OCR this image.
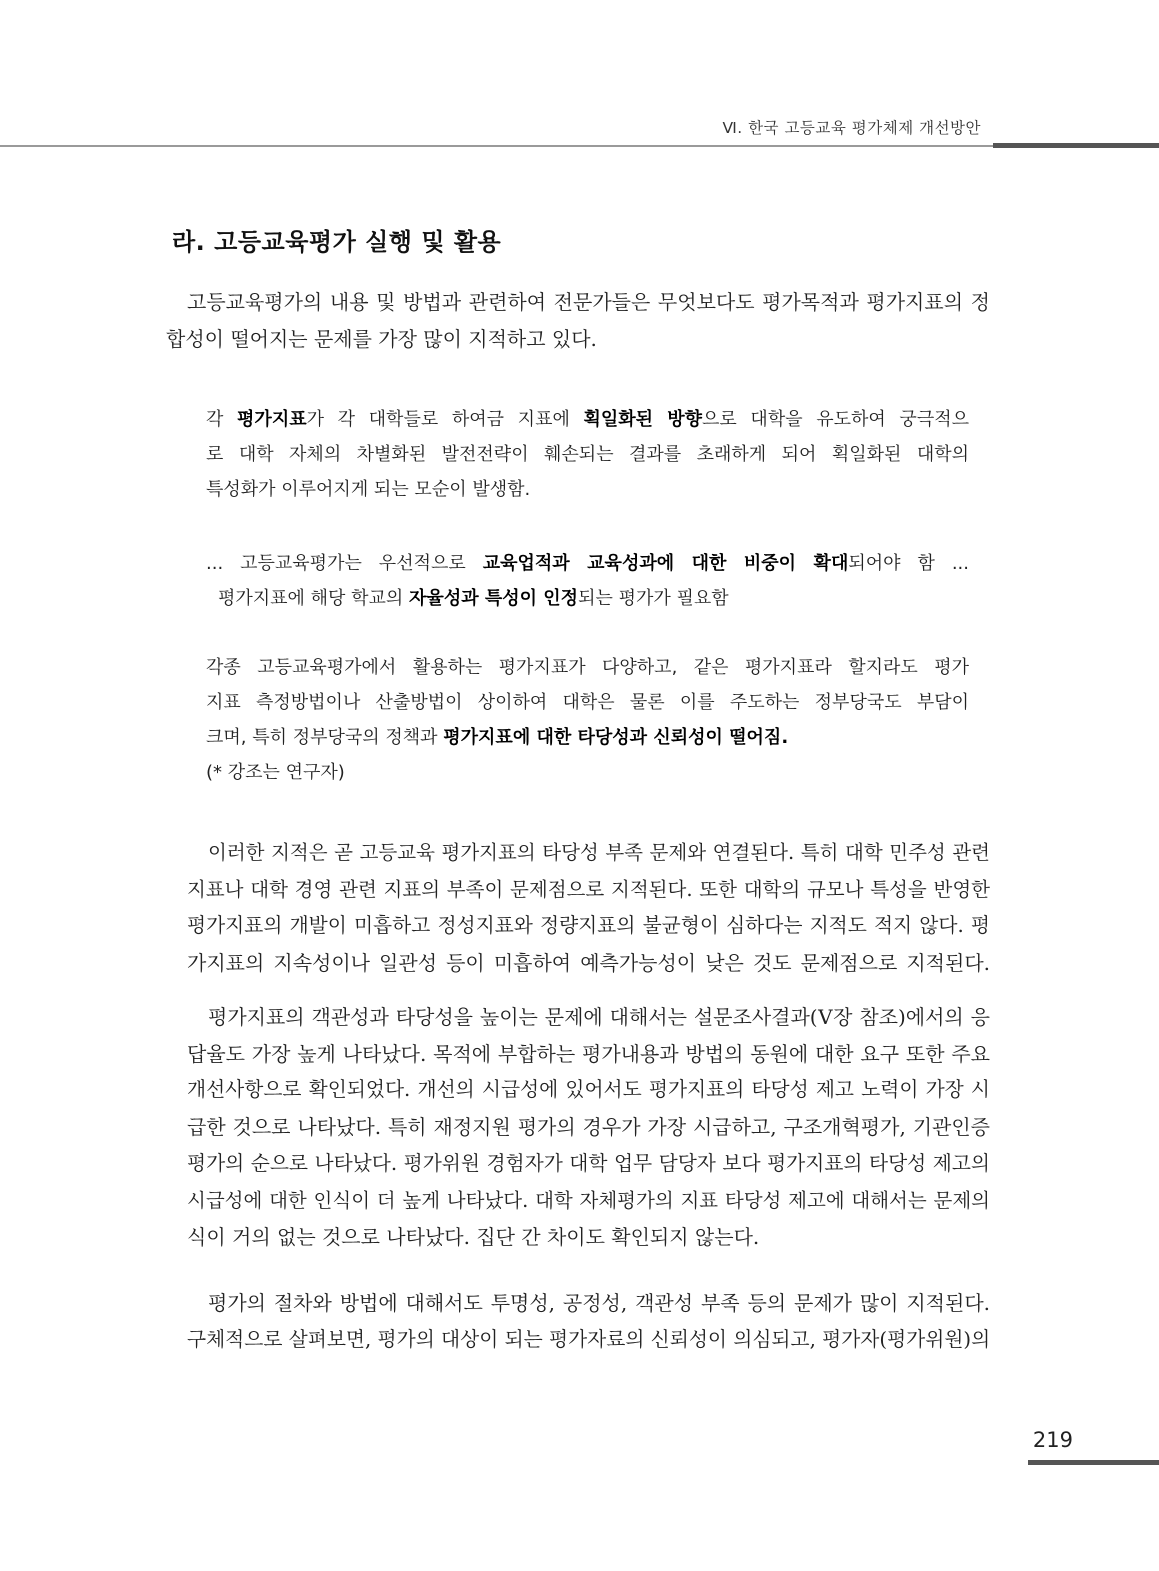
Ⅵ. 한국 고등교육 평가체제 개선방안
라. 고등교육평가 실행 및 활용
고등교육평가의 내용 및 방법과 관련하여 전문가들은 무엇보다도 평가목적과 평가지표의 정
합성이 떨어지는 문제를 가장 많이 지적하고 있다.
각 평가지표가 각 대학들로 하여금 지표에 획일화된 방향으로 대학을 유도하여 궁극적으
로 대학 자체의 차별화된 발전전략이 훼손되는 결과를 초래하게 되어 획일화된 대학의
특성화가 이루어지게 되는 모순이 발생함.
... 고등교육평가는 우선적으로 교육업적과 교육성과에 대한 비중이 확대되어야 함 ...
평가지표에 해당 학교의 자율성과 특성이 인정되는 평가가 필요함
각종 고등교육평가에서 활용하는 평가지표가 다양하고, 같은 평가지표라 할지라도 평가
지표 측정방법이나 산출방법이 상이하여 대학은 물론 이를 주도하는 정부당국도 부담이
크며, 특히 정부당국의 정책과 평가지표에 대한 타당성과 신뢰성이 떨어짐.
(* 강조는 연구자)
이러한 지적은 곧 고등교육 평가지표의 타당성 부족 문제와 연결된다. 특히 대학 민주성 관련
지표나 대학 경영 관련 지표의 부족이 문제점으로 지적된다. 또한 대학의 규모나 특성을 반영한
평가지표의 개발이 미흡하고 정성지표와 정량지표의 불균형이 심하다는 지적도 적지 않다. 평
가지표의 지속성이나 일관성 등이 미흡하여 예측가능성이 낮은 것도 문제점으로 지적된다.
평가지표의 객관성과 타당성을 높이는 문제에 대해서는 설문조사결과(Ⅴ장 참조)에서의 응
답율도 가장 높게 나타났다. 목적에 부합하는 평가내용과 방법의 동원에 대한 요구 또한 주요
개선사항으로 확인되었다. 개선의 시급성에 있어서도 평가지표의 타당성 제고 노력이 가장 시
급한 것으로 나타났다. 특히 재정지원 평가의 경우가 가장 시급하고, 구조개혁평가, 기관인증
평가의 순으로 나타났다. 평가위원 경험자가 대학 업무 담당자 보다 평가지표의 타당성 제고의
시급성에 대한 인식이 더 높게 나타났다. 대학 자체평가의 지표 타당성 제고에 대해서는 문제의
식이 거의 없는 것으로 나타났다. 집단 간 차이도 확인되지 않는다.
평가의 절차와 방법에 대해서도 투명성, 공정성, 객관성 부족 등의 문제가 많이 지적된다.
구체적으로 살펴보면, 평가의 대상이 되는 평가자료의 신뢰성이 의심되고, 평가자(평가위원)의
219
